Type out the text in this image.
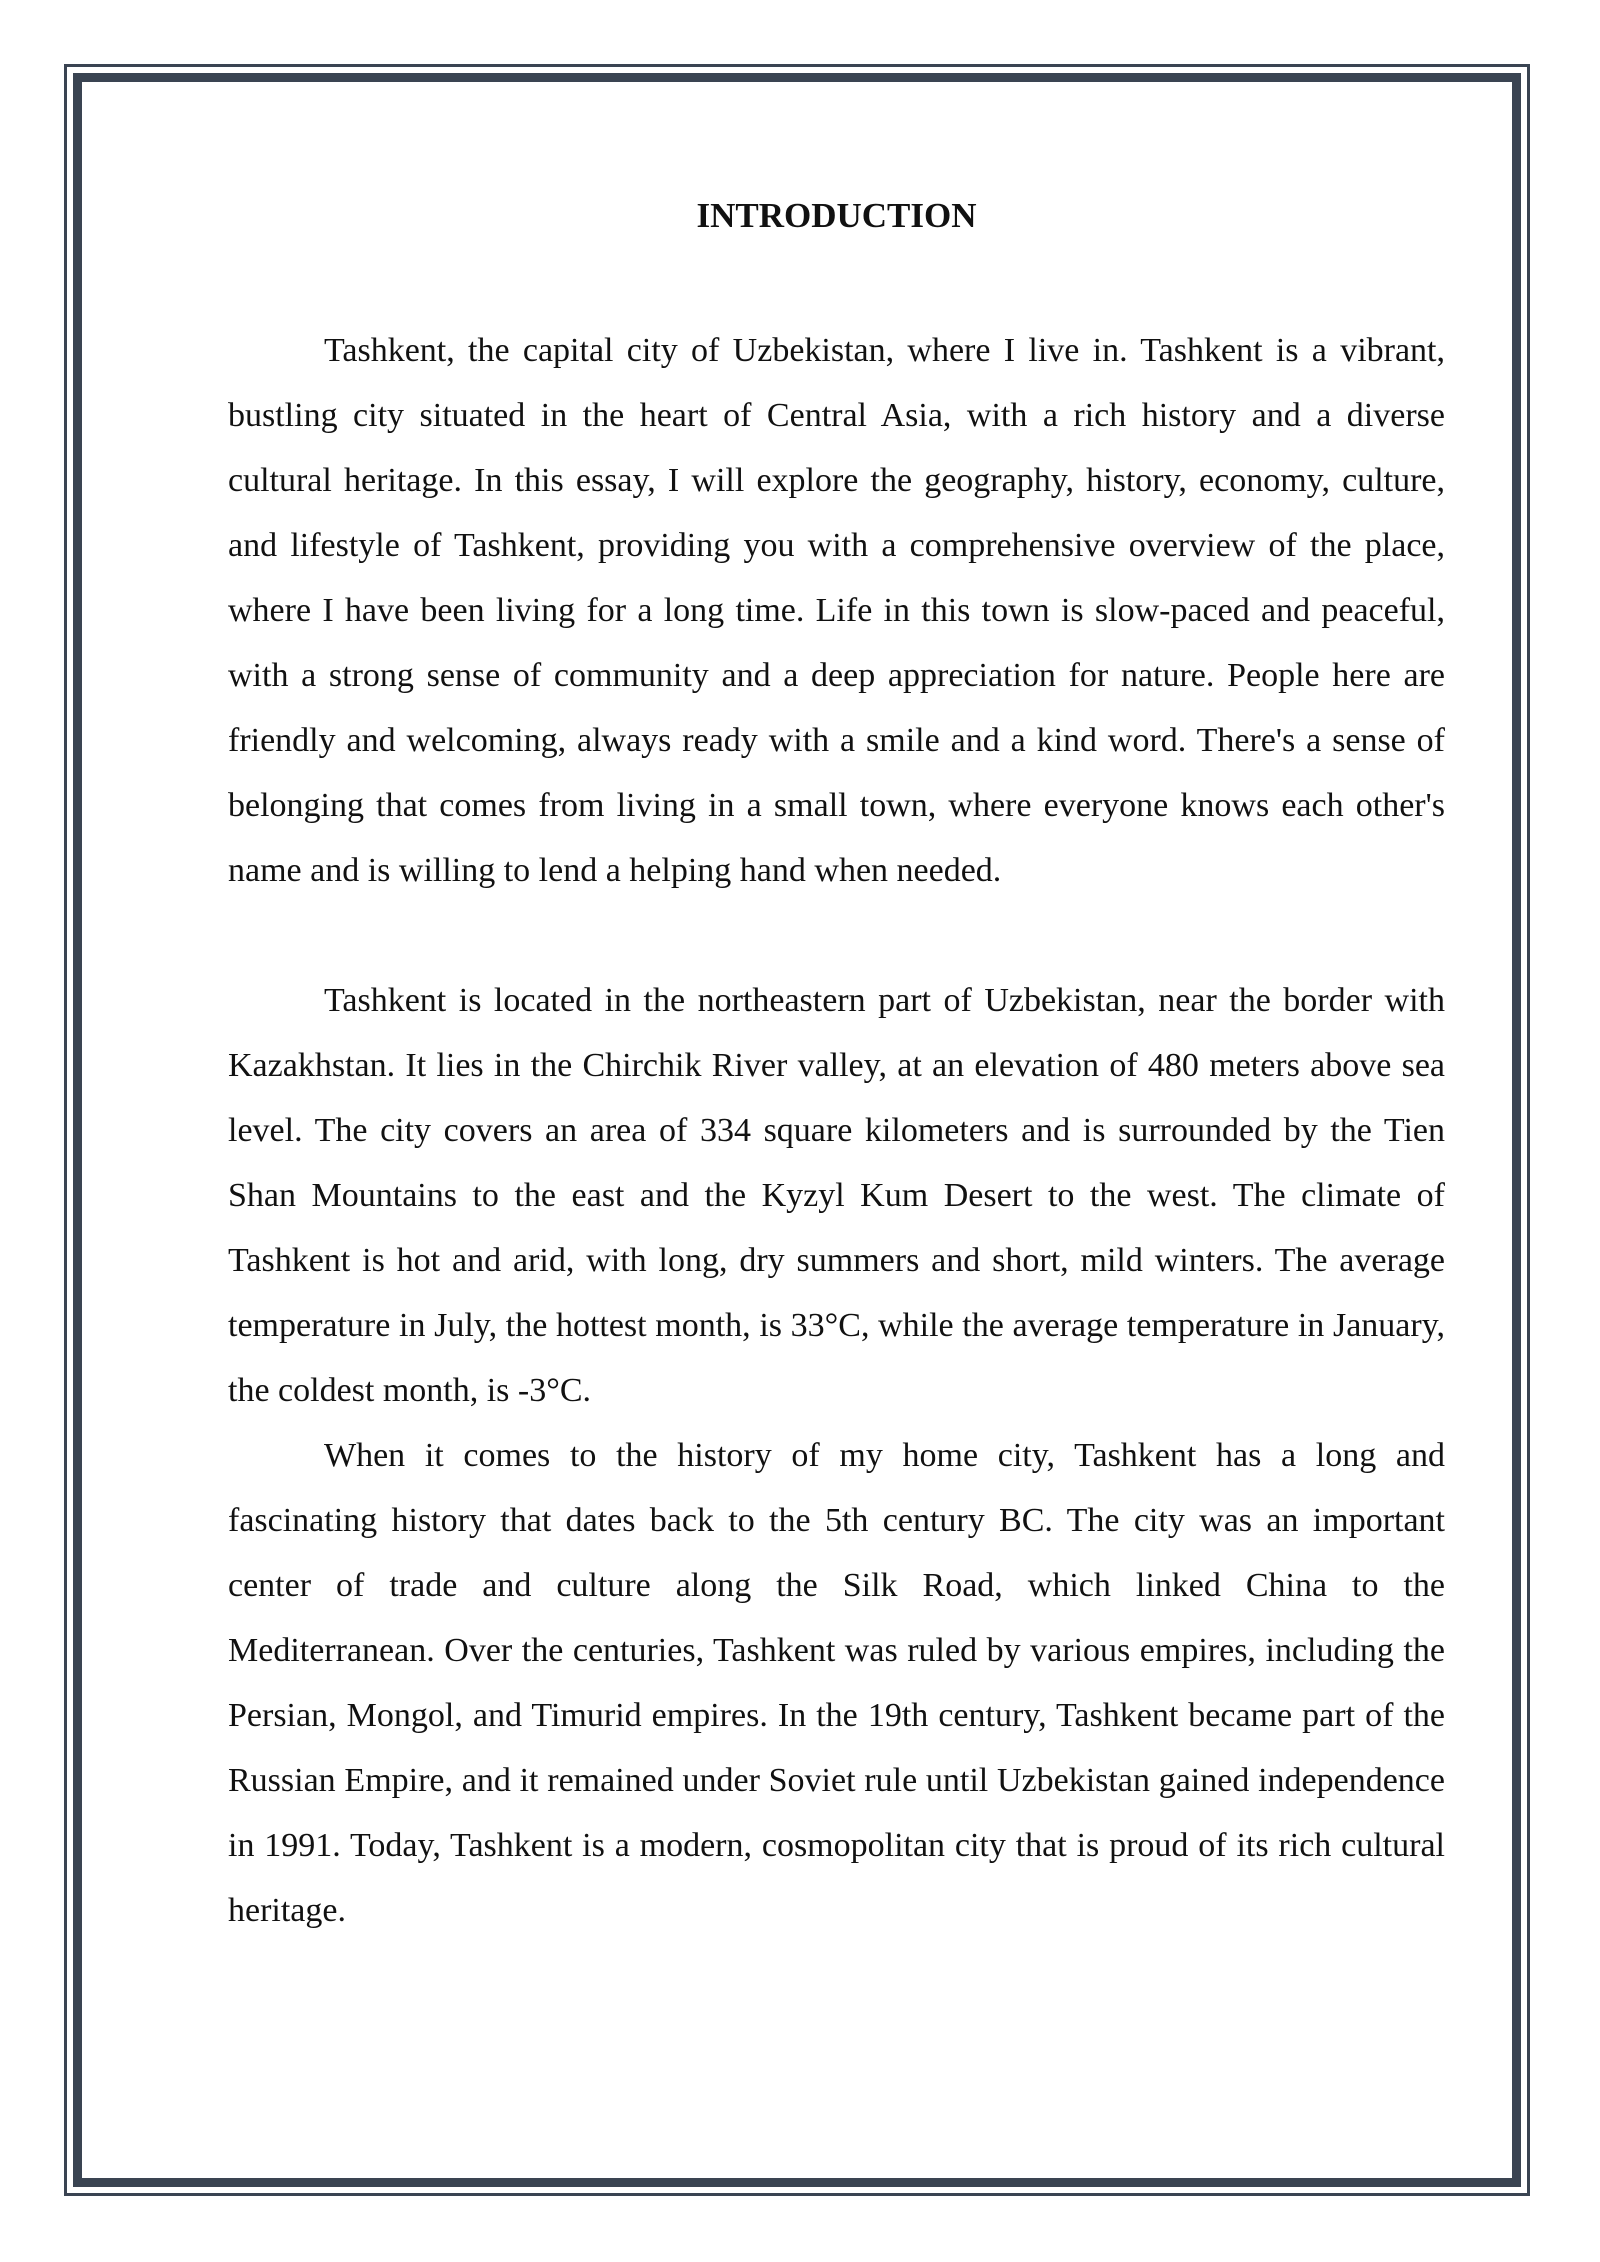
INTRODUCTION

Tashkent, the capital city of Uzbekistan, where I live in. Tashkent is a vibrant, bustling city situated in the heart of Central Asia, with a rich history and a diverse cultural heritage. In this essay, I will explore the geography, history, economy, culture, and lifestyle of Tashkent, providing you with a comprehensive overview of the place, where I have been living for a long time. Life in this town is slow-paced and peaceful, with a strong sense of community and a deep appreciation for nature. People here are friendly and welcoming, always ready with a smile and a kind word. There's a sense of belonging that comes from living in a small town, where everyone knows each other's name and is willing to lend a helping hand when needed.

Tashkent is located in the northeastern part of Uzbekistan, near the border with Kazakhstan. It lies in the Chirchik River valley, at an elevation of 480 meters above sea level. The city covers an area of 334 square kilometers and is surrounded by the Tien Shan Mountains to the east and the Kyzyl Kum Desert to the west. The climate of Tashkent is hot and arid, with long, dry summers and short, mild winters. The average temperature in July, the hottest month, is 33°C, while the average temperature in January, the coldest month, is -3°C.

When it comes to the history of my home city, Tashkent has a long and fascinating history that dates back to the 5th century BC. The city was an important center of trade and culture along the Silk Road, which linked China to the Mediterranean. Over the centuries, Tashkent was ruled by various empires, including the Persian, Mongol, and Timurid empires. In the 19th century, Tashkent became part of the Russian Empire, and it remained under Soviet rule until Uzbekistan gained independence in 1991. Today, Tashkent is a modern, cosmopolitan city that is proud of its rich cultural heritage.
